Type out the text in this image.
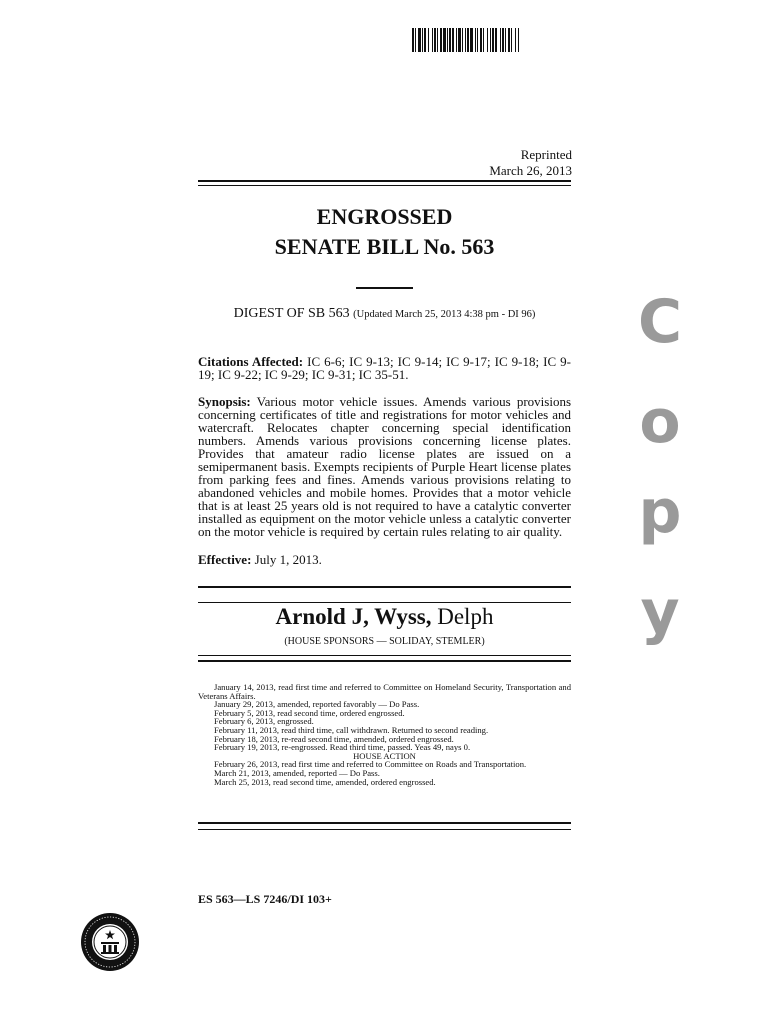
Reprinted
March 26, 2013
ENGROSSED
SENATE BILL No. 563
DIGEST OF SB 563 (Updated March 25, 2013 4:38 pm - DI 96)
Citations Affected: IC 6-6; IC 9-13; IC 9-14; IC 9-17; IC 9-18; IC 9-19; IC 9-22; IC 9-29; IC 9-31; IC 35-51.
Synopsis: Various motor vehicle issues. Amends various provisions concerning certificates of title and registrations for motor vehicles and watercraft. Relocates chapter concerning special identification numbers. Amends various provisions concerning license plates. Provides that amateur radio license plates are issued on a semipermanent basis. Exempts recipients of Purple Heart license plates from parking fees and fines. Amends various provisions relating to abandoned vehicles and mobile homes. Provides that a motor vehicle that is at least 25 years old is not required to have a catalytic converter installed as equipment on the motor vehicle unless a catalytic converter on the motor vehicle is required by certain rules relating to air quality.
Effective: July 1, 2013.
Arnold J, Wyss, Delph
(HOUSE SPONSORS — SOLIDAY, STEMLER)
January 14, 2013, read first time and referred to Committee on Homeland Security, Transportation and Veterans Affairs.
January 29, 2013, amended, reported favorably — Do Pass.
February 5, 2013, read second time, ordered engrossed.
February 6, 2013, engrossed.
February 11, 2013, read third time, call withdrawn. Returned to second reading.
February 18, 2013, re-read second time, amended, ordered engrossed.
February 19, 2013, re-engrossed. Read third time, passed. Yeas 49, nays 0.
HOUSE ACTION
February 26, 2013, read first time and referred to Committee on Roads and Transportation.
March 21, 2013, amended, reported — Do Pass.
March 25, 2013, read second time, amended, ordered engrossed.
C
o
p
y
ES 563—LS 7246/DI 103+
